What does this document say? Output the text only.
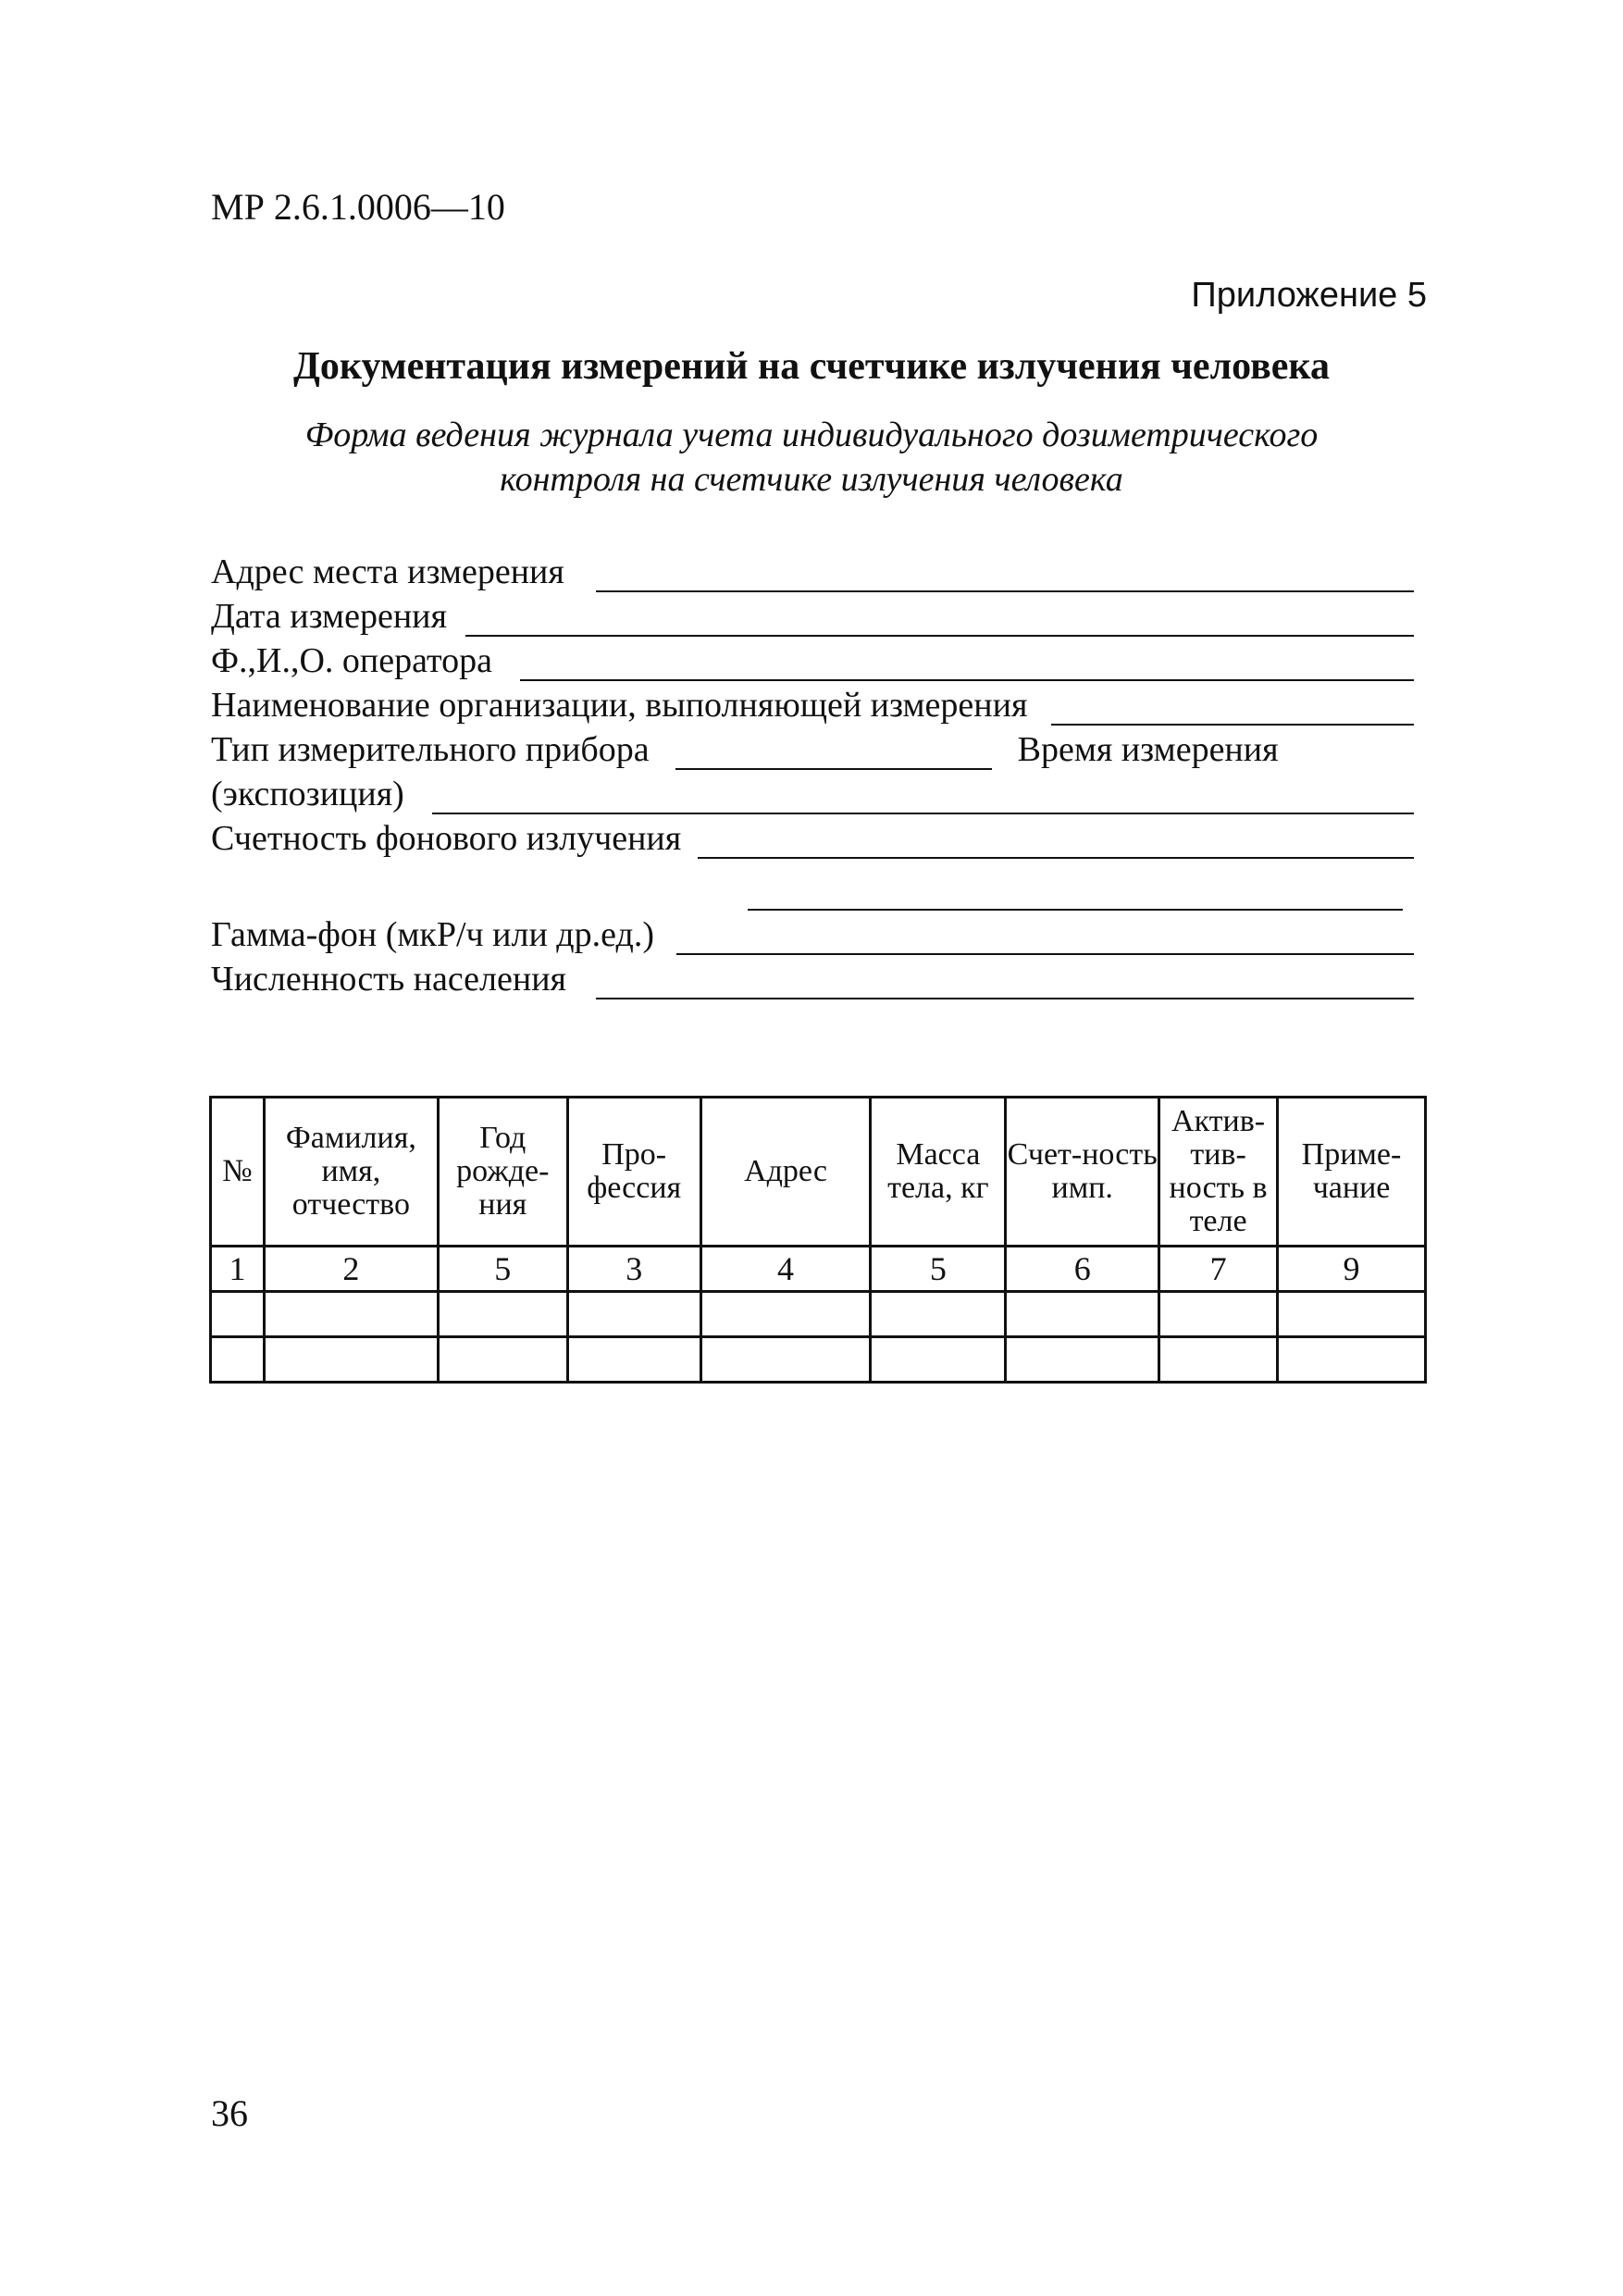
МР 2.6.1.0006—10
Приложение 5
Документация измерений на счетчике излучения человека
Форма ведения журнала учета индивидуального дозиметрического
контроля на счетчике излучения человека
Адрес места измерения
Дата измерения
Ф.,И.,О. оператора
Наименование организации, выполняющей измерения
Тип измерительного прибора	Время измерения
(экспозиция)
Счетность фонового излучения
Гамма-фон (мкР/ч или др.ед.)
Численность населения
№	Фамилия, имя, отчество	Год рожде-ния	Про-фессия	Адрес	Масса тела, кг	Счет-ность имп.	Актив-тив-ность в теле	Приме-чание
1	2	5	3	4	5	6	7	9

36
